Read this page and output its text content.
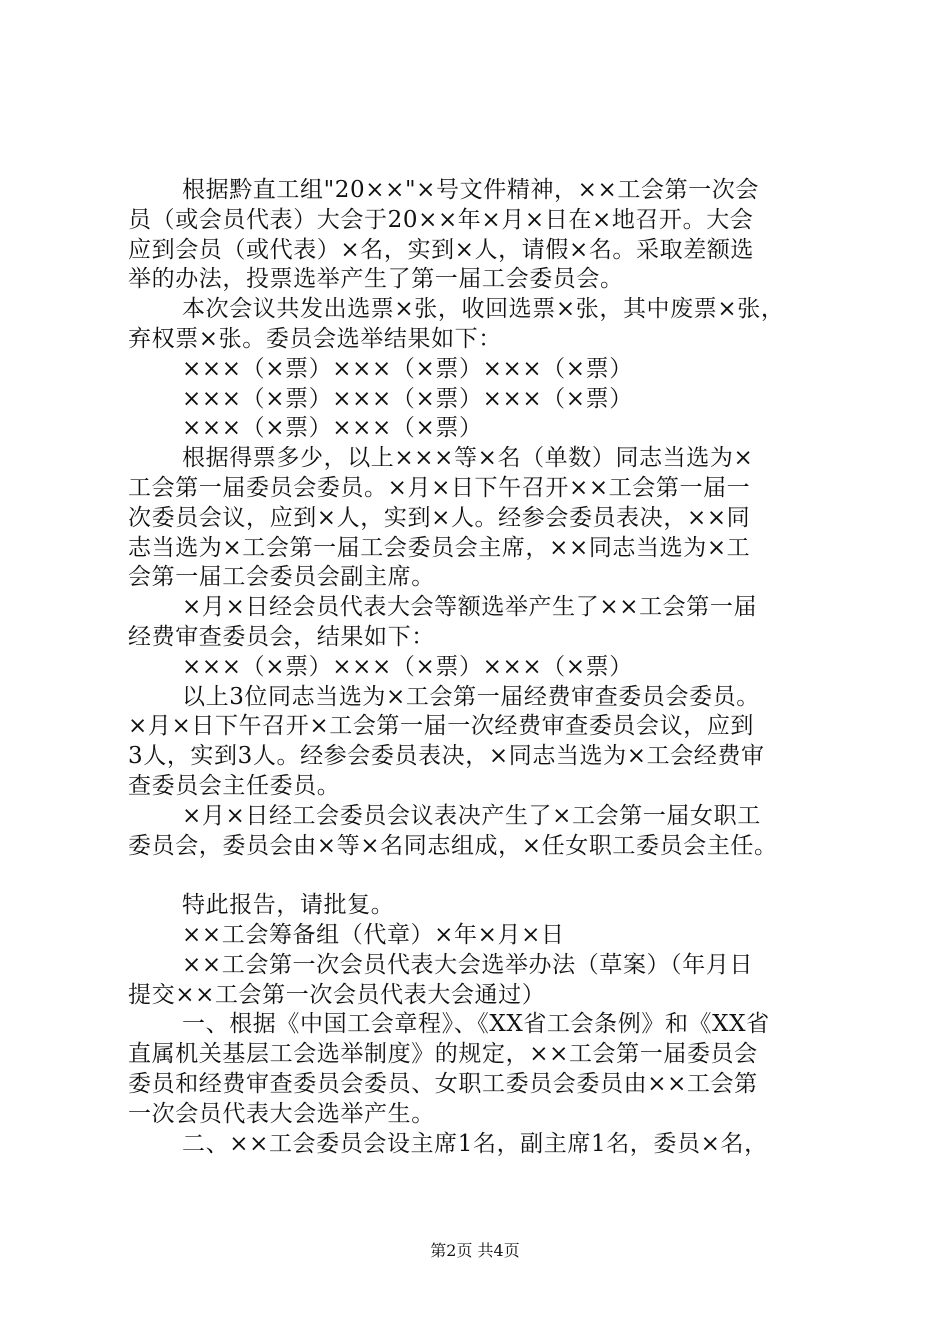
根据黔直工组"20××"×号文件精神，××工会第一次会
员（或会员代表）大会于20××年×月×日在×地召开。大会
应到会员（或代表）×名，实到×人，请假×名。采取差额选
举的办法，投票选举产生了第一届工会委员会。
本次会议共发出选票×张，收回选票×张，其中废票×张，
弃权票×张。委员会选举结果如下：
×××（×票）×××（×票）×××（×票）
×××（×票）×××（×票）×××（×票）
×××（×票）×××（×票）
根据得票多少，以上×××等×名（单数）同志当选为×
工会第一届委员会委员。×月×日下午召开××工会第一届一
次委员会议，应到×人，实到×人。经参会委员表决，××同
志当选为×工会第一届工会委员会主席，××同志当选为×工
会第一届工会委员会副主席。
×月×日经会员代表大会等额选举产生了××工会第一届
经费审查委员会，结果如下：
×××（×票）×××（×票）×××（×票）
以上3位同志当选为×工会第一届经费审查委员会委员。
×月×日下午召开×工会第一届一次经费审查委员会议，应到
3人，实到3人。经参会委员表决，×同志当选为×工会经费审
查委员会主任委员。
×月×日经工会委员会议表决产生了×工会第一届女职工
委员会，委员会由×等×名同志组成，×任女职工委员会主任。
特此报告，请批复。
××工会筹备组（代章）×年×月×日
××工会第一次会员代表大会选举办法（草案）（年月日
提交××工会第一次会员代表大会通过）
一、根据《中国工会章程》、《XX省工会条例》和《XX省
直属机关基层工会选举制度》的规定，××工会第一届委员会
委员和经费审查委员会委员、女职工委员会委员由××工会第
一次会员代表大会选举产生。
二、××工会委员会设主席1名，副主席1名，委员×名，
第2页 共4页
